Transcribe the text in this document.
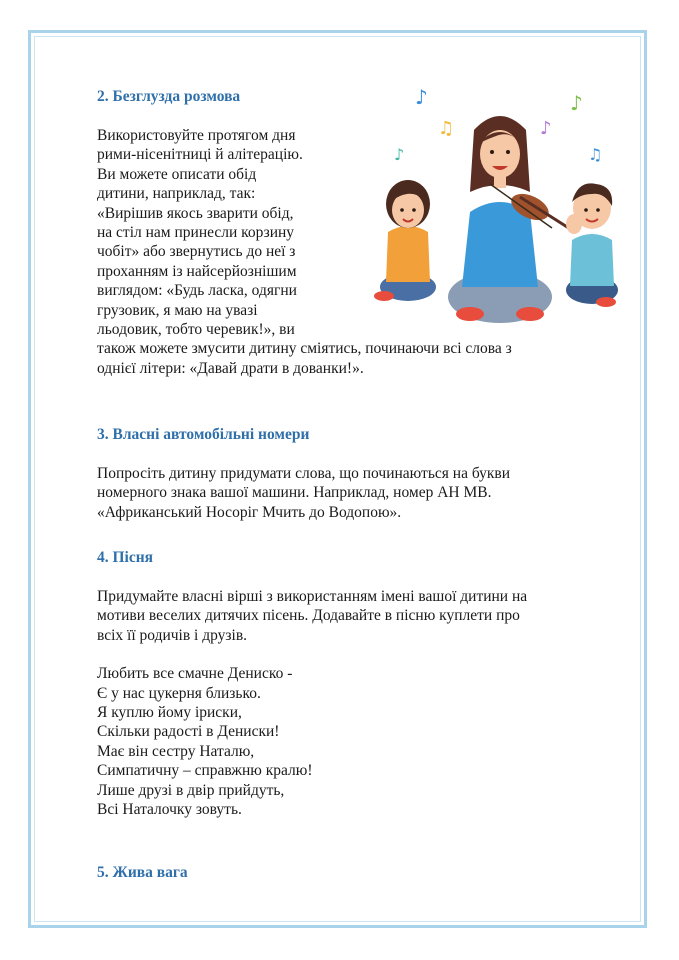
2. Безглузда розмова
Використовуйте протягом дня
рими-нісенітниці й алітерацію.
Ви можете описати обід
дитини, наприклад, так:
«Вирішив якось зварити обід,
на стіл нам принесли корзину
чобіт» або звернутись до неї з
проханням із найсерйознішим
виглядом: «Будь ласка, одягни
грузовик, я маю на увазі
льодовик, тобто черевик!», ви
також можете змусити дитину сміятись, починаючи всі слова з
однієї літери: «Давай драти в дованки!».
♪	♪
♫	♪
♪	♫
3. Власні автомобільні номери
Попросіть дитину придумати слова, що починаються на букви
номерного знака вашої машини. Наприклад, номер АН МВ.
«Африканський Носоріг Мчить до Водопою».
4. Пісня
Придумайте власні вірші з використанням імені вашої дитини на
мотиви веселих дитячих пісень. Додавайте в пісню куплети про
всіх її родичів і друзів.
Любить все смачне Дениско -
Є у нас цукерня близько.
Я куплю йому іриски,
Скільки радості в Дениски!
Має він сестру Наталю,
Симпатичну – справжню кралю!
Лише друзі в двір прийдуть,
Всі Наталочку зовуть.
5. Жива вага
